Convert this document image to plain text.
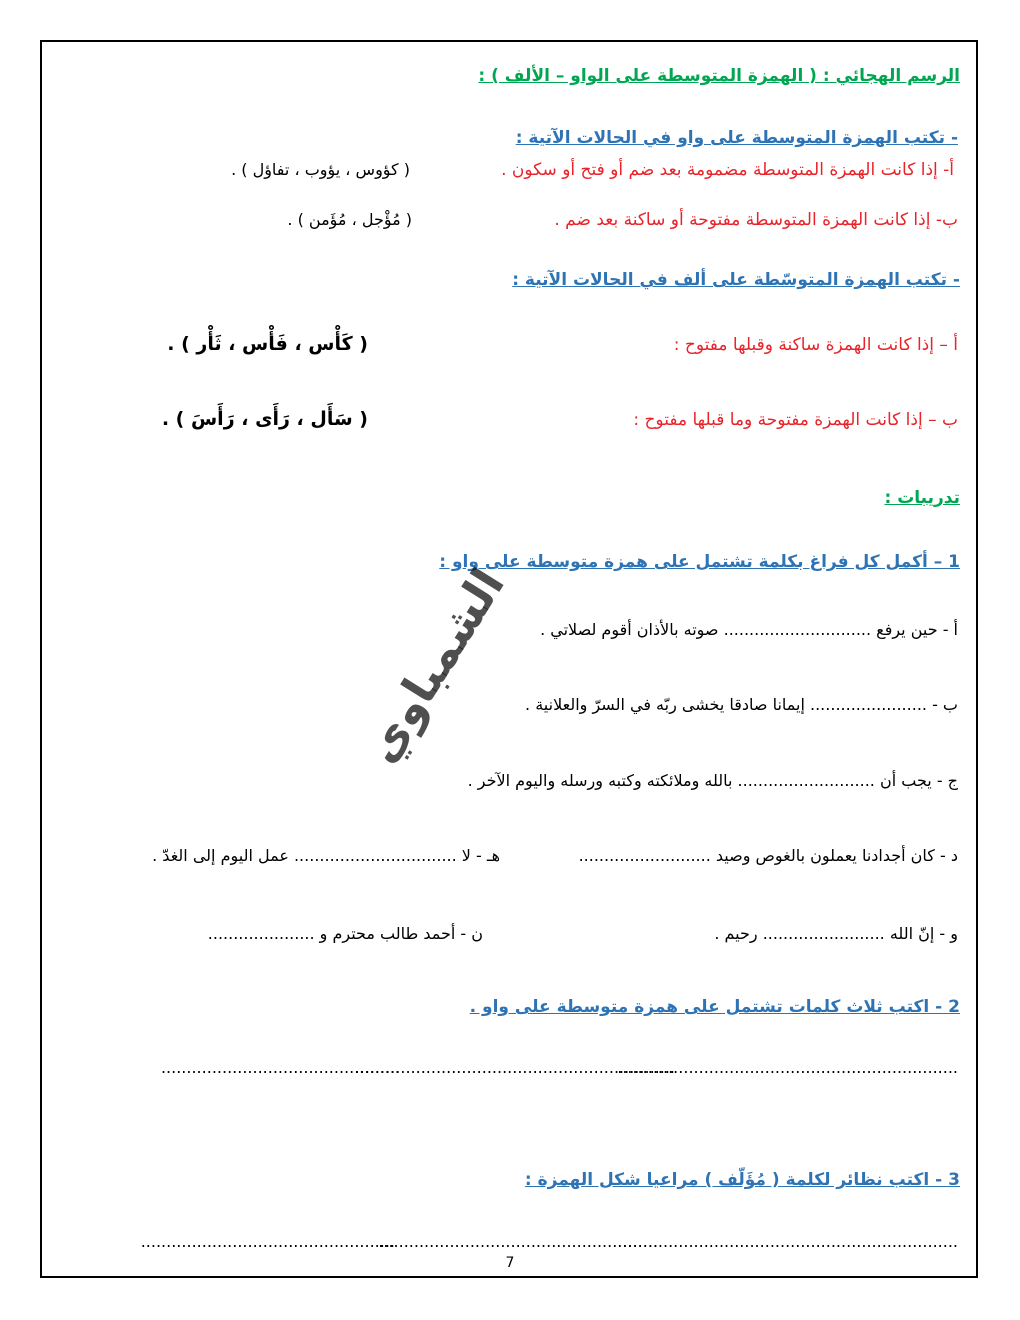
الرسم الهجائي : ( الهمزة المتوسطة على الواو – الألف ) :
- تكتب الهمزة المتوسطة على واو في الحالات الآتية :
أ- إذا كانت الهمزة المتوسطة مضمومة بعد ضم أو فتح أو سكون .
( كؤوس ، يؤوب ، تفاؤل ) .
ب- إذا كانت الهمزة المتوسطة مفتوحة أو ساكنة بعد ضم .
( مُؤْجل ، مُؤَمن ) .
- تكتب الهمزة المتوسّطة على ألف في الحالات الآتية :
أ – إذا كانت الهمزة ساكنة وقبلها مفتوح :
( كَأْس ، فَأْس ، ثَأْر ) .
ب – إذا كانت الهمزة مفتوحة وما قبلها مفتوح :
( سَأَل ، رَأَى ، رَأَسَ ) .
تدريبات :
1 – أكمل كل فراغ بكلمة تشتمل على همزة متوسطة على واو :
أ - حين يرفع ............................. صوته بالأذان أقوم لصلاتي .
ب - ....................... إيمانا صادقا يخشى ربّه في السرّ والعلانية .
ج - يجب أن ........................... بالله وملائكته وكتبه ورسله واليوم الآخر .
د - كان أجدادنا يعملون بالغوص وصيد ..........................
هـ - لا ................................ عمل اليوم إلى الغدّ .
و - إنّ الله ........................ رحيم .
ن - أحمد طالب محترم و .....................
2 - اكتب ثلاث كلمات تشتمل على همزة متوسطة على واو .
...................................................................
...............................................................
...............................................
3 - اكتب نظائر لكلمة ( مُؤَلّف ) مراعيا شكل الهمزة :
...................................................................
.......................................................
..................................................
الشمباوي
7
